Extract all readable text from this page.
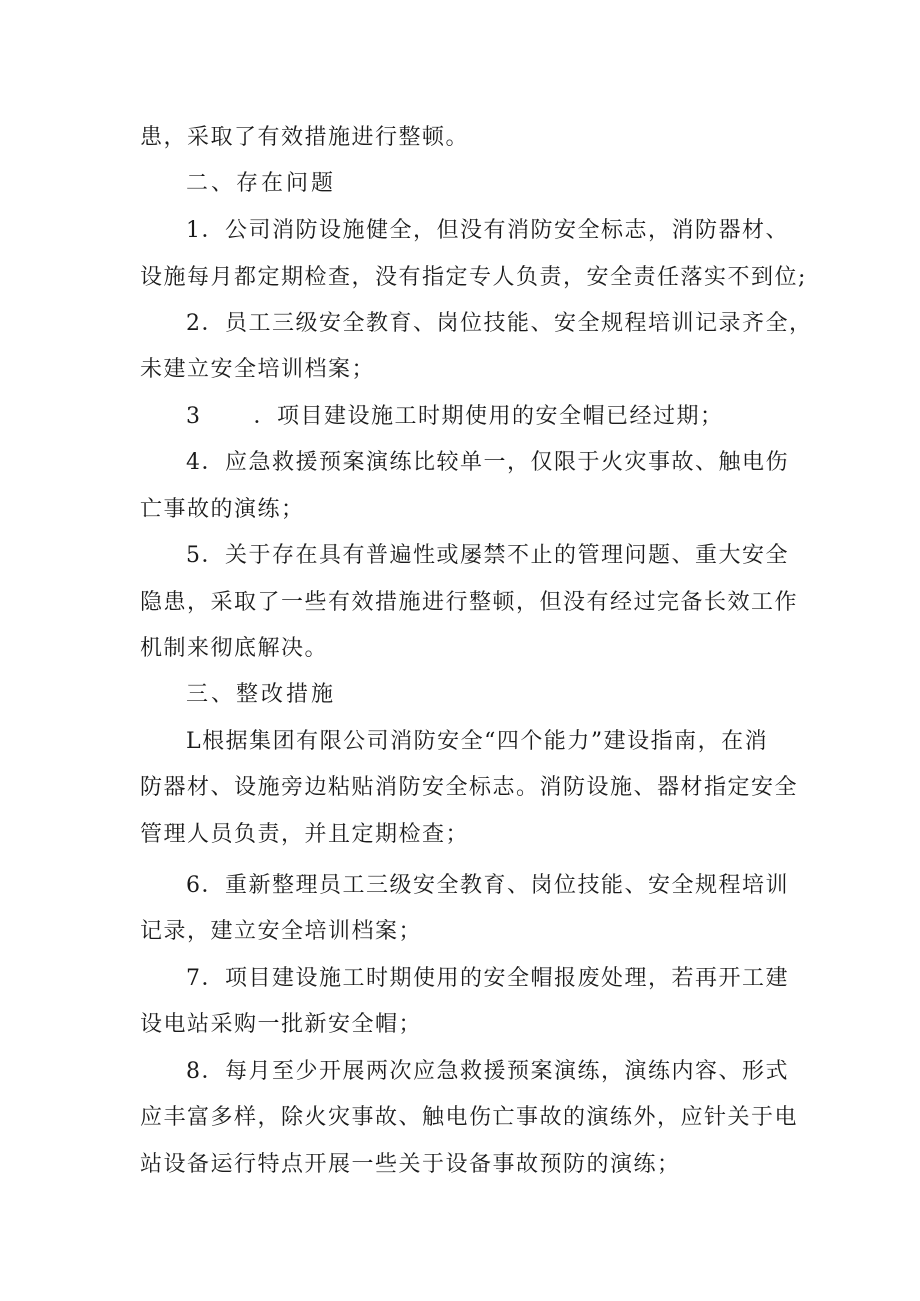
患，采取了有效措施进行整顿。

二、存在问题

1．公司消防设施健全，但没有消防安全标志，消防器材、

设施每月都定期检查，没有指定专人负责，安全责任落实不到位;

2．员工三级安全教育、岗位技能、安全规程培训记录齐全，

未建立安全培训档案；

3 ．项目建设施工时期使用的安全帽已经过期；

4．应急救援预案演练比较单一，仅限于火灾事故、触电伤

亡事故的演练；

5．关于存在具有普遍性或屡禁不止的管理问题、重大安全

隐患，采取了一些有效措施进行整顿，但没有经过完备长效工作

机制来彻底解决。

三、整改措施

L根据集团有限公司消防安全“四个能力”建设指南，在消

防器材、设施旁边粘贴消防安全标志。消防设施、器材指定安全

管理人员负责，并且定期检查；

6．重新整理员工三级安全教育、岗位技能、安全规程培训

记录，建立安全培训档案；

7．项目建设施工时期使用的安全帽报废处理，若再开工建

设电站采购一批新安全帽；

8．每月至少开展两次应急救援预案演练，演练内容、形式

应丰富多样，除火灾事故、触电伤亡事故的演练外，应针关于电

站设备运行特点开展一些关于设备事故预防的演练；
